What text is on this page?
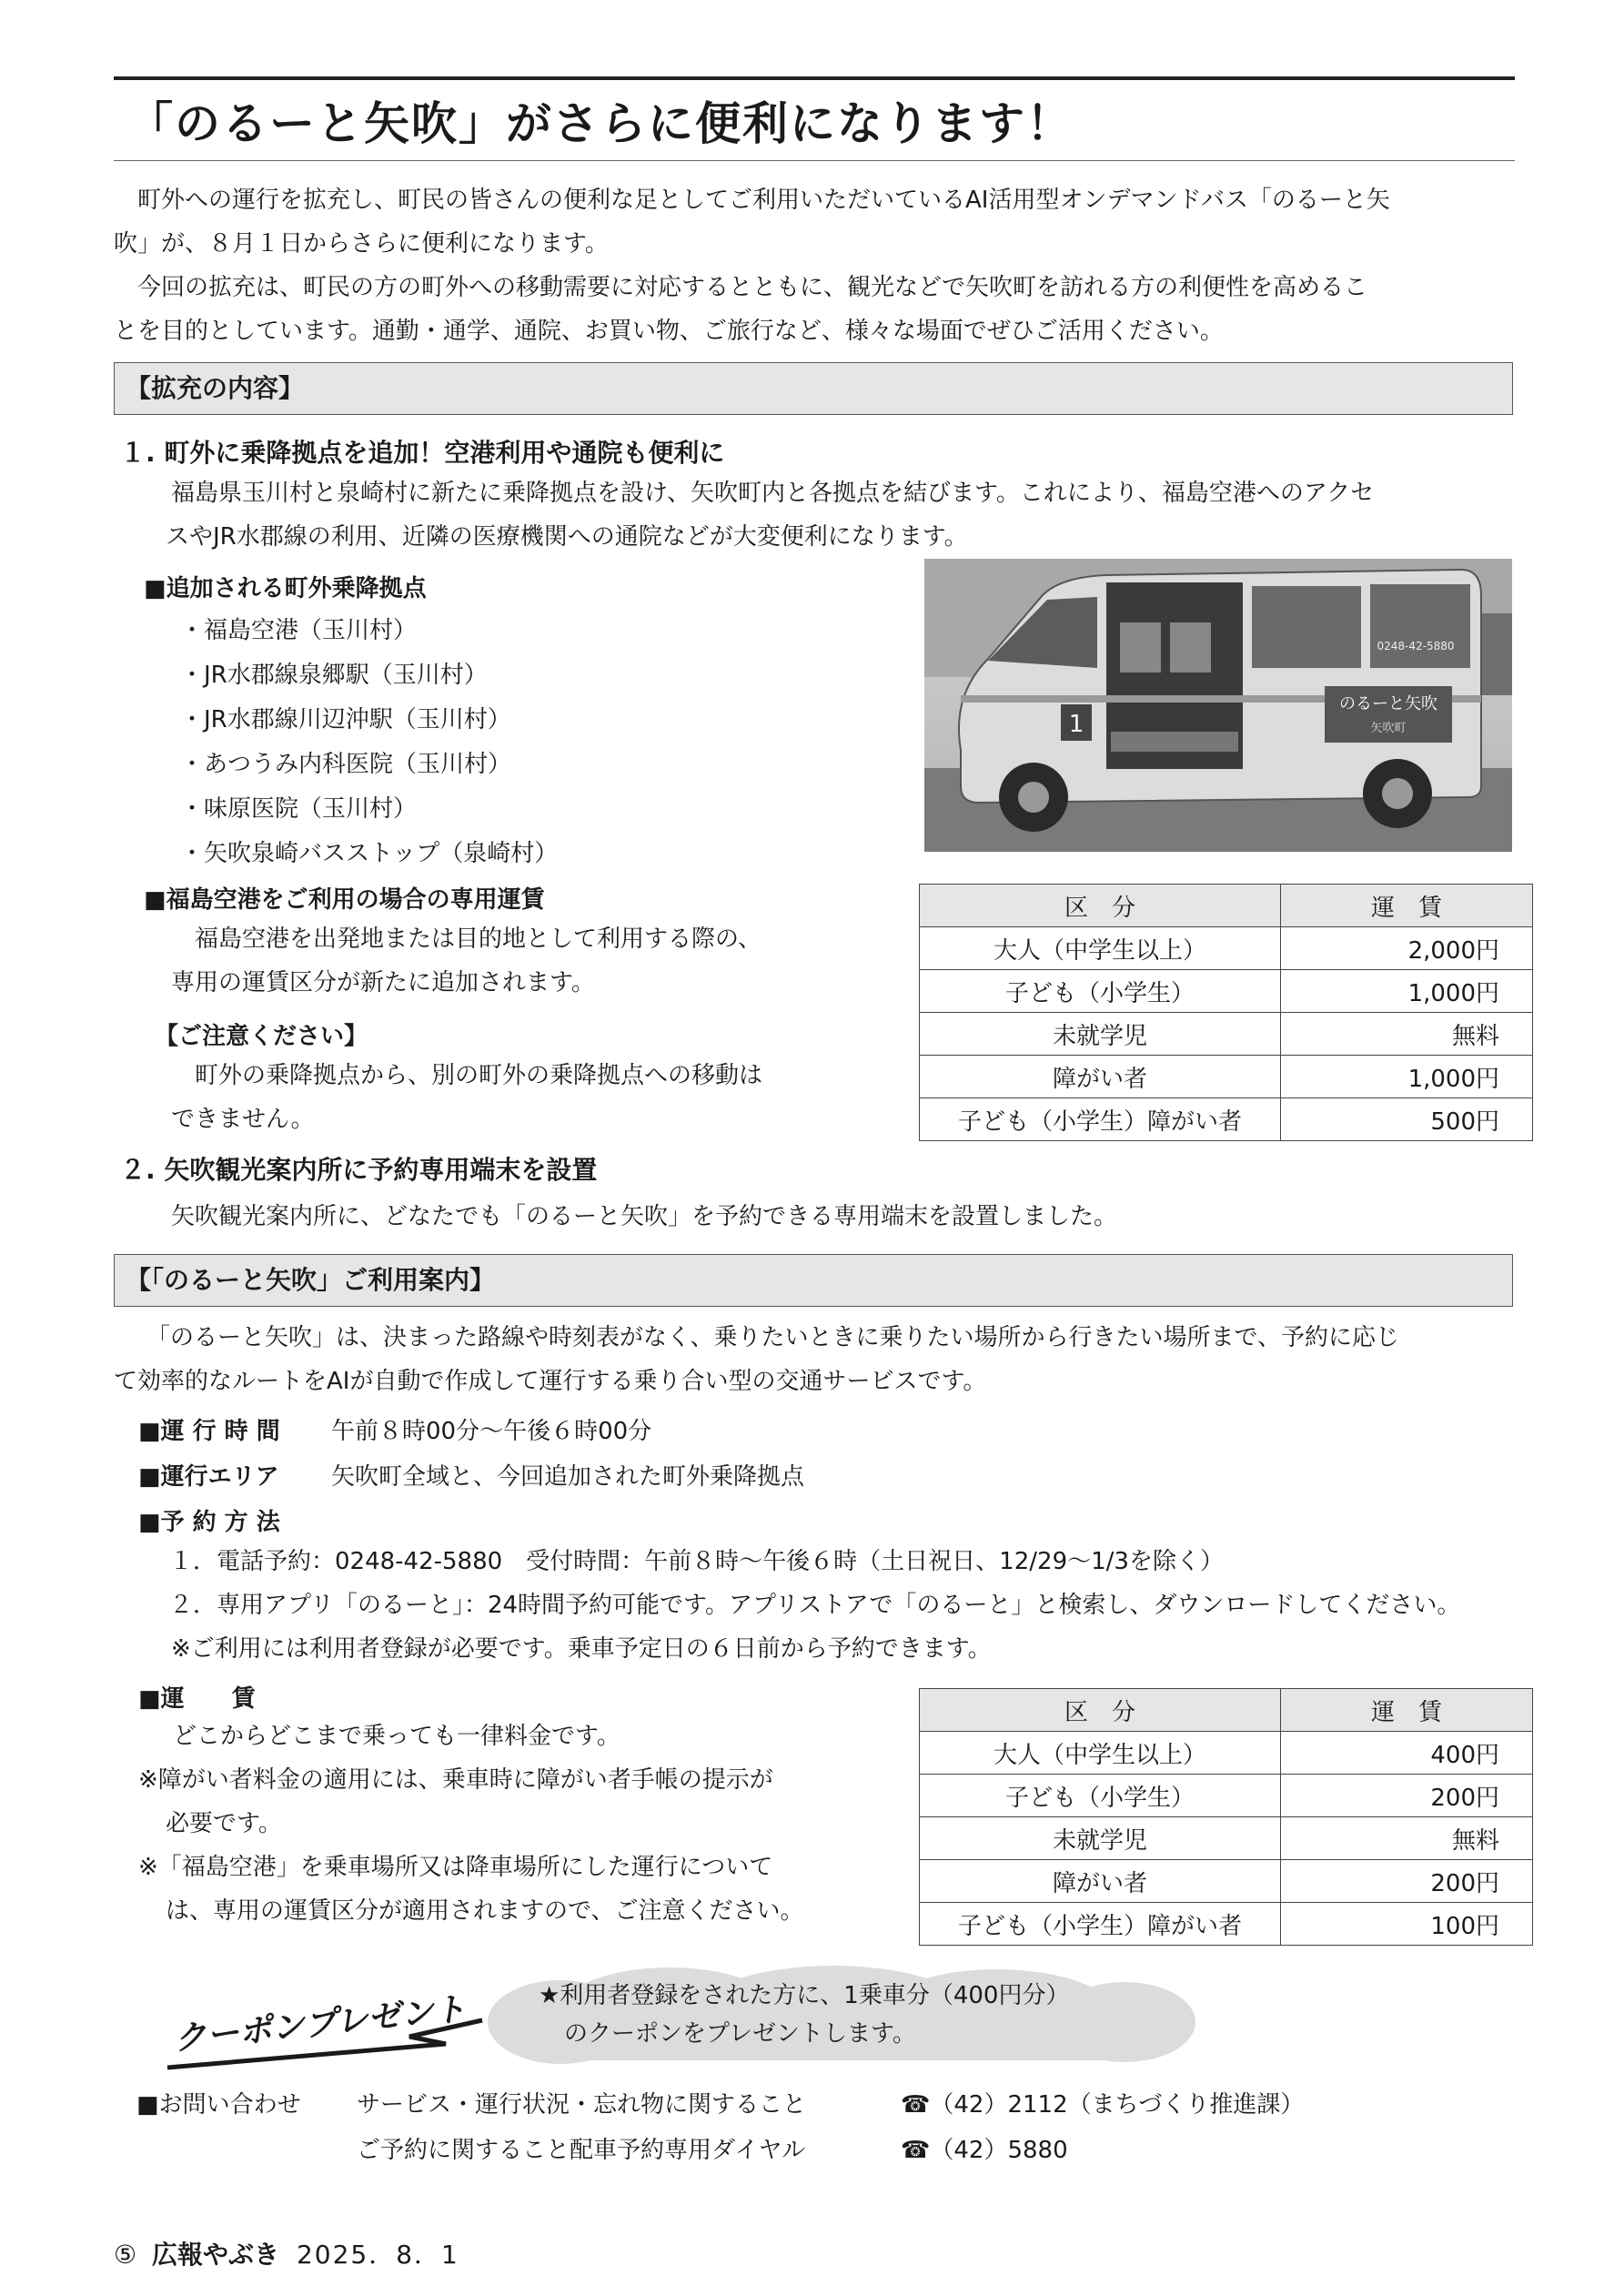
「のるーと矢吹」がさらに便利になります！
　町外への運行を拡充し、町民の皆さんの便利な足としてご利用いただいているAI活用型オンデマンドバス「のるーと矢
吹」が、８月１日からさらに便利になります。
　今回の拡充は、町民の方の町外への移動需要に対応するとともに、観光などで矢吹町を訪れる方の利便性を高めるこ
とを目的としています。通勤・通学、通院、お買い物、ご旅行など、様々な場面でぜひご活用ください。
【拡充の内容】
１. 町外に乗降拠点を追加！空港利用や通院も便利に
福島県玉川村と泉崎村に新たに乗降拠点を設け、矢吹町内と各拠点を結びます。これにより、福島空港へのアクセ
スやJR水郡線の利用、近隣の医療機関への通院などが大変便利になります。
■追加される町外乗降拠点
・福島空港（玉川村）
・JR水郡線泉郷駅（玉川村）
・JR水郡線川辺沖駅（玉川村）
・あつうみ内科医院（玉川村）
・味原医院（玉川村）
・矢吹泉崎バスストップ（泉崎村）
1
のるーと矢吹
矢吹町
0248-42-5880
■福島空港をご利用の場合の専用運賃
福島空港を出発地または目的地として利用する際の、
専用の運賃区分が新たに追加されます。
【ご注意ください】
町外の乗降拠点から、別の町外の乗降拠点への移動は
できません。
区　分	運　賃
大人（中学生以上）	2,000円
子ども（小学生）	1,000円
未就学児	無料
障がい者	1,000円
子ども（小学生）障がい者	500円
２. 矢吹観光案内所に予約専用端末を設置
矢吹観光案内所に、どなたでも「のるーと矢吹」を予約できる専用端末を設置しました。
【「のるーと矢吹」ご利用案内】
「のるーと矢吹」は、決まった路線や時刻表がなく、乗りたいときに乗りたい場所から行きたい場所まで、予約に応じ
て効率的なルートをAIが自動で作成して運行する乗り合い型の交通サービスです。
■運 行 時 間 午前８時00分～午後６時00分
■運行エリア 矢吹町全域と、今回追加された町外乗降拠点
■予 約 方 法
１．電話予約：0248-42-5880　受付時間：午前８時～午後６時（土日祝日、12/29～1/3を除く）
２．専用アプリ「のるーと」：24時間予約可能です。アプリストアで「のるーと」と検索し、ダウンロードしてください。
※ご利用には利用者登録が必要です。乗車予定日の６日前から予約できます。
■運　　賃
どこからどこまで乗っても一律料金です。
※障がい者料金の適用には、乗車時に障がい者手帳の提示が
必要です。
※「福島空港」を乗車場所又は降車場所にした運行について
は、専用の運賃区分が適用されますので、ご注意ください。
区　分	運　賃
大人（中学生以上）	400円
子ども（小学生）	200円
未就学児	無料
障がい者	200円
子ども（小学生）障がい者	100円
クーポンプレゼント	★利用者登録をされた方に、1乗車分（400円分）
のクーポンをプレゼントします。
■お問い合わせ サービス・運行状況・忘れ物に関すること	☎（42）2112（まちづくり推進課）
ご予約に関すること配車予約専用ダイヤル	☎（42）5880
⑤ 広報やぶき 2025．8．1
